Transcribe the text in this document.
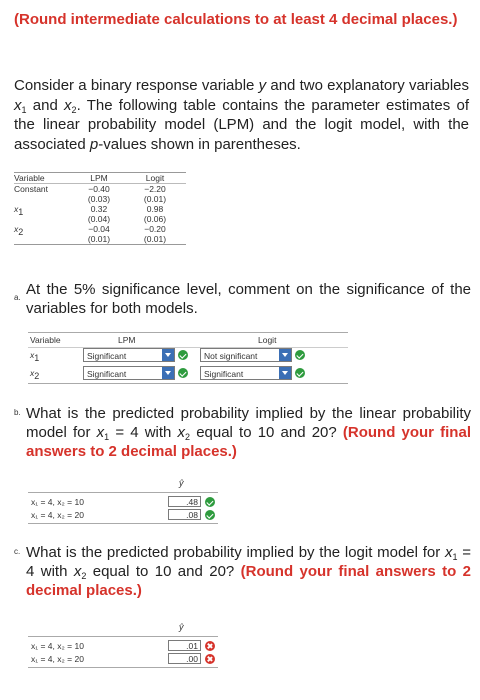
(Round intermediate calculations to at least 4 decimal places.)
Consider a binary response variable y and two explanatory variables $x_1$ and $x_2$. The following table contains the parameter estimates of the linear probability model (LPM) and the logit model, with the associated p-values shown in parentheses.
Variable	LPM	Logit
Constant	−0.40	−2.20
	(0.03)	(0.01)
$x_1$	0.32	0.98
	(0.04)	(0.06)
$x_2$	−0.04	−0.20
	(0.01)	(0.01)
a. At the 5% significance level, comment on the significance of the variables for both models.
Variable	LPM	Logit
$x_1$	Significant	Not significant
$x_2$	Significant	Significant
b. What is the predicted probability implied by the linear probability model for $x_1 = 4$ with $x_2$ equal to 10 and 20? (Round your final answers to 2 decimal places.)
ŷ
x₁ = 4, x₂ = 10	.48
x₁ = 4, x₂ = 20	.08
c. What is the predicted probability implied by the logit model for $x_1 = 4$ with $x_2$ equal to 10 and 20? (Round your final answers to 2 decimal places.)
ŷ
x₁ = 4, x₂ = 10	.01
x₁ = 4, x₂ = 20	.00
